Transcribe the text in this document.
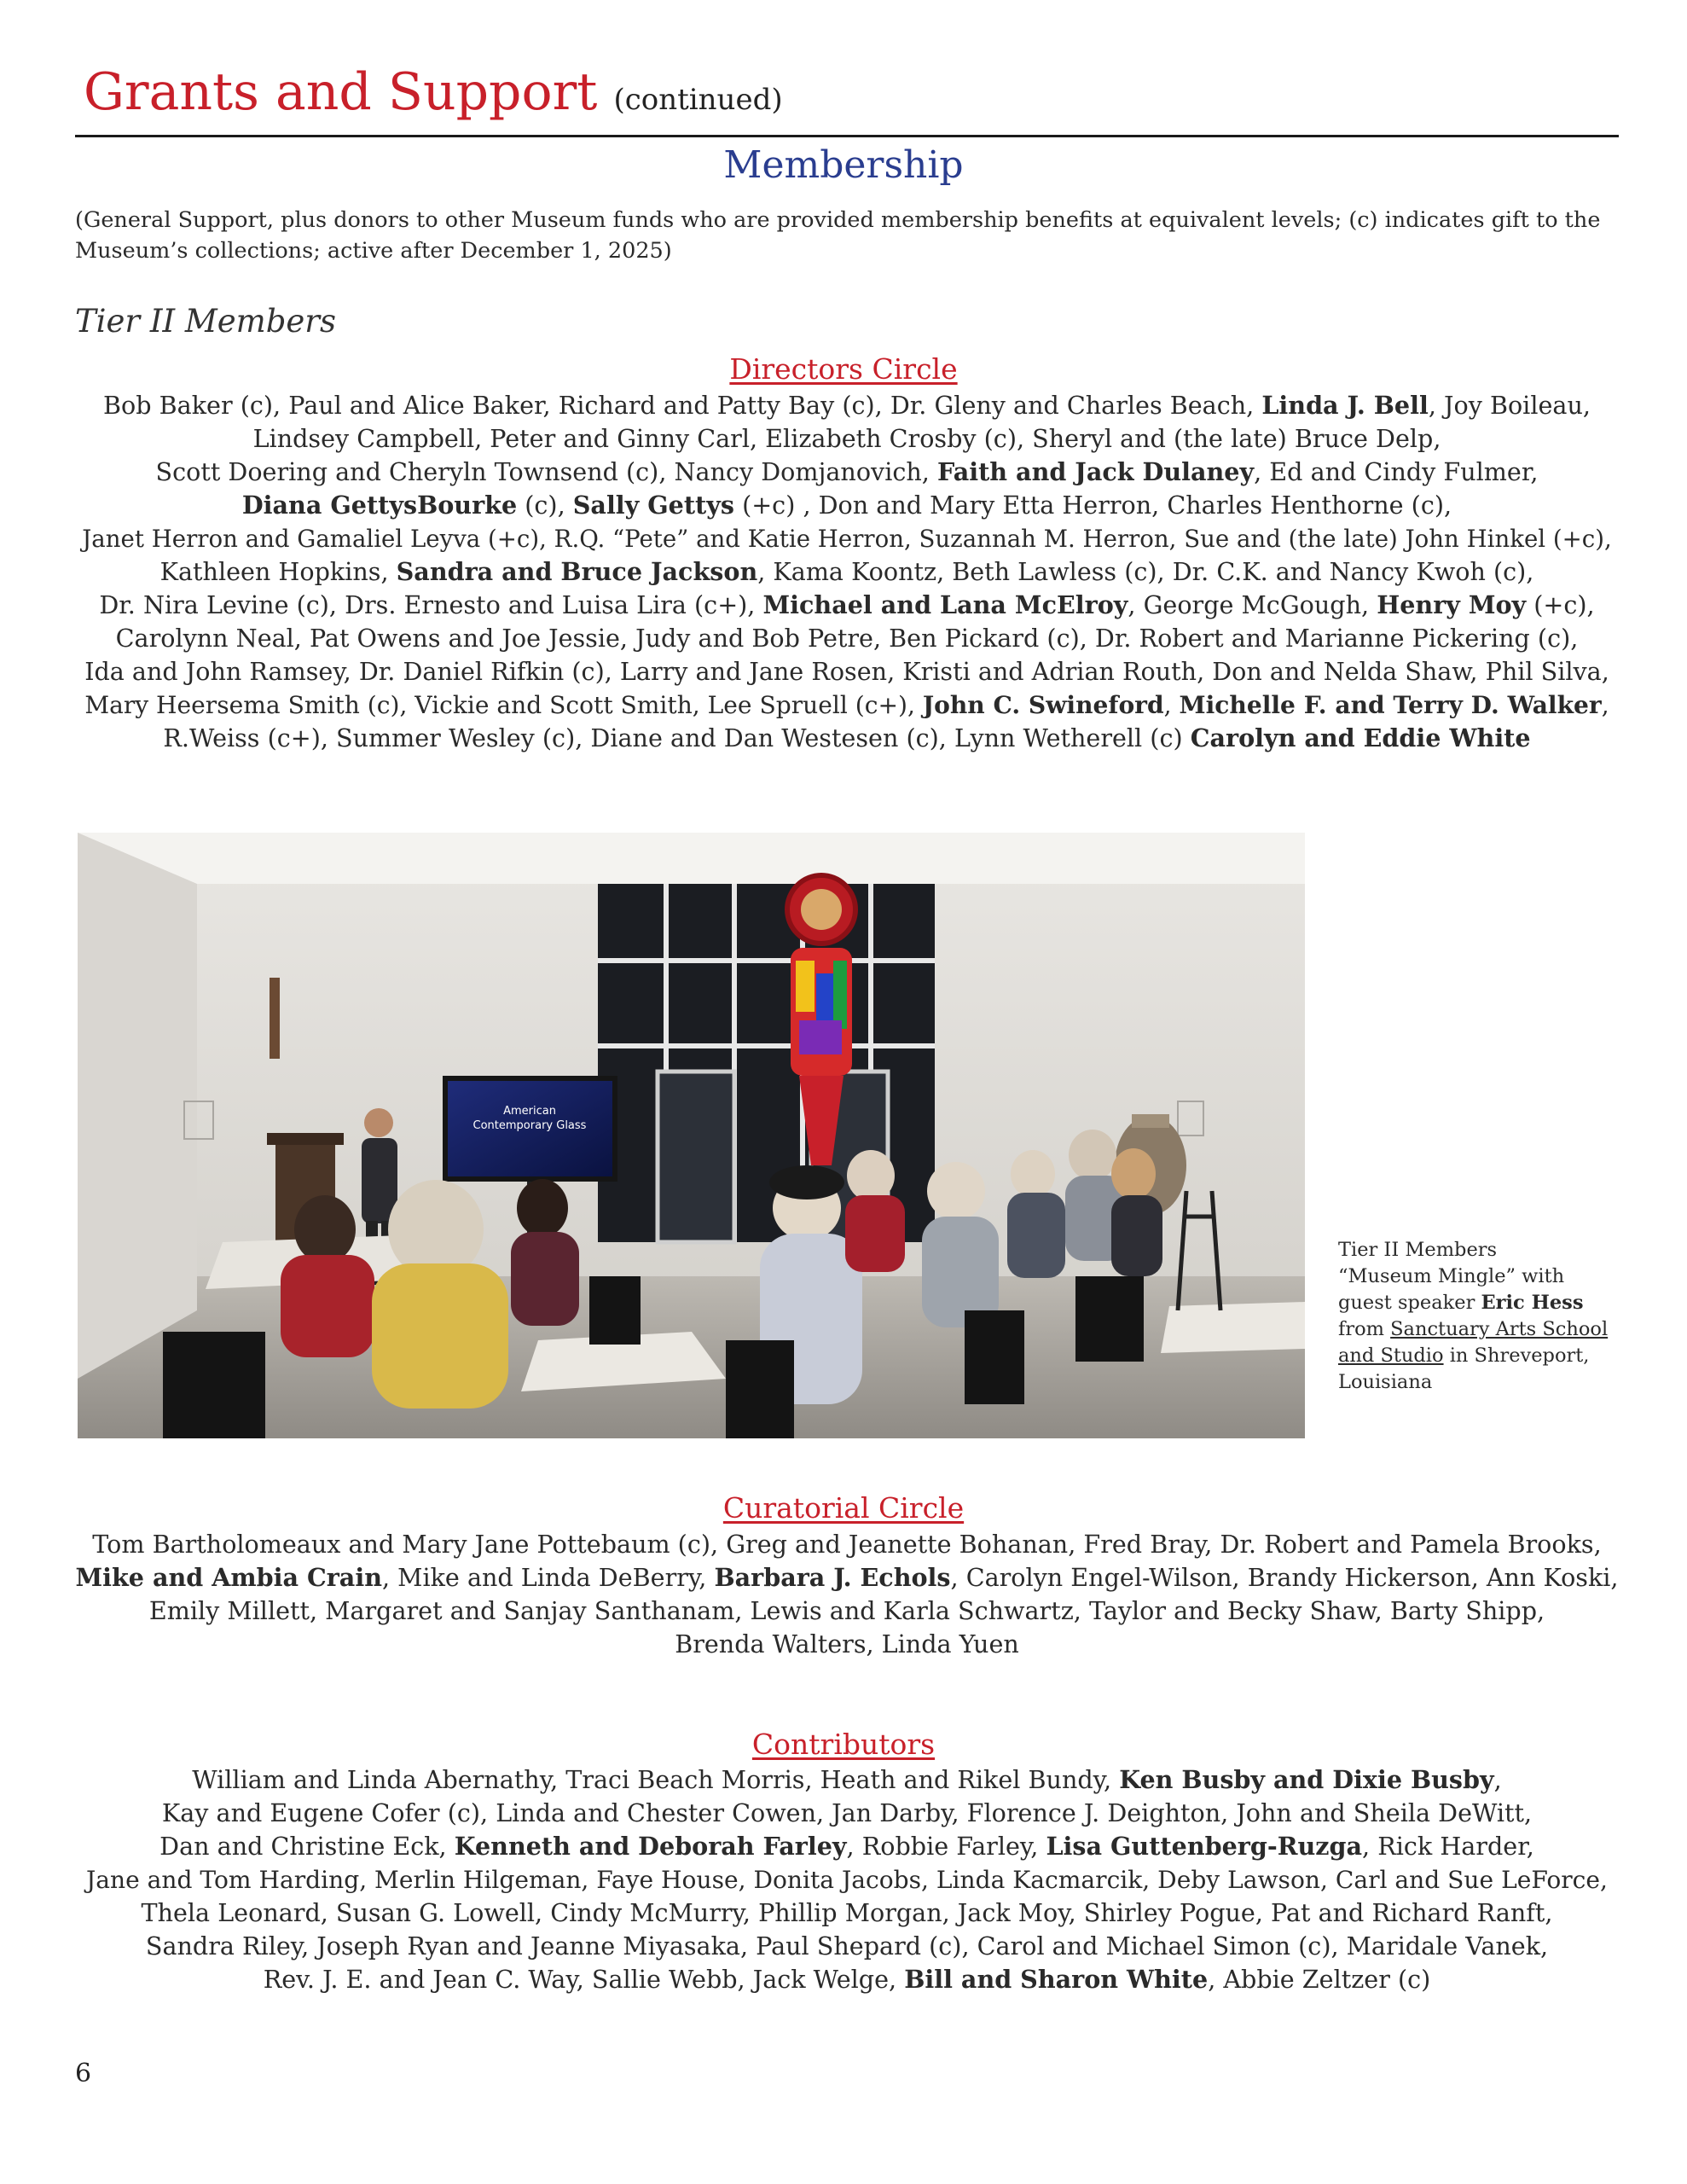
Grants and Support (continued)
Membership
(General Support, plus donors to other Museum funds who are provided membership benefits at equivalent levels; (c) indicates gift to the Museum’s collections; active after December 1, 2025)
Tier II Members
Directors Circle
Bob Baker (c), Paul and Alice Baker, Richard and Patty Bay (c), Dr. Gleny and Charles Beach, Linda J. Bell, Joy Boileau,
Lindsey Campbell, Peter and Ginny Carl, Elizabeth Crosby (c), Sheryl and (the late) Bruce Delp,
Scott Doering and Cheryln Townsend (c), Nancy Domjanovich, Faith and Jack Dulaney, Ed and Cindy Fulmer,
Diana GettysBourke (c), Sally Gettys (+c) , Don and Mary Etta Herron, Charles Henthorne (c),
Janet Herron and Gamaliel Leyva (+c), R.Q. “Pete” and Katie Herron, Suzannah M. Herron, Sue and (the late) John Hinkel (+c),
Kathleen Hopkins, Sandra and Bruce Jackson, Kama Koontz, Beth Lawless (c), Dr. C.K. and Nancy Kwoh (c),
Dr. Nira Levine (c), Drs. Ernesto and Luisa Lira (c+), Michael and Lana McElroy, George McGough, Henry Moy (+c),
Carolynn Neal, Pat Owens and Joe Jessie, Judy and Bob Petre, Ben Pickard (c), Dr. Robert and Marianne Pickering (c),
Ida and John Ramsey, Dr. Daniel Rifkin (c), Larry and Jane Rosen, Kristi and Adrian Routh, Don and Nelda Shaw, Phil Silva,
Mary Heersema Smith (c), Vickie and Scott Smith, Lee Spruell (c+), John C. Swineford, Michelle F. and Terry D. Walker,
R.Weiss (c+), Summer Wesley (c), Diane and Dan Westesen (c), Lynn Wetherell (c) Carolyn and Eddie White
American
Contemporary Glass
Tier II Members
“Museum Mingle” with
guest speaker Eric Hess
from Sanctuary Arts School
and Studio in Shreveport,
Louisiana
Curatorial Circle
Tom Bartholomeaux and Mary Jane Pottebaum (c), Greg and Jeanette Bohanan, Fred Bray, Dr. Robert and Pamela Brooks,
Mike and Ambia Crain, Mike and Linda DeBerry, Barbara J. Echols, Carolyn Engel-Wilson, Brandy Hickerson, Ann Koski,
Emily Millett, Margaret and Sanjay Santhanam, Lewis and Karla Schwartz, Taylor and Becky Shaw, Barty Shipp,
Brenda Walters, Linda Yuen
Contributors
William and Linda Abernathy, Traci Beach Morris, Heath and Rikel Bundy, Ken Busby and Dixie Busby,
Kay and Eugene Cofer (c), Linda and Chester Cowen, Jan Darby, Florence J. Deighton, John and Sheila DeWitt,
Dan and Christine Eck, Kenneth and Deborah Farley, Robbie Farley, Lisa Guttenberg-Ruzga, Rick Harder,
Jane and Tom Harding, Merlin Hilgeman, Faye House, Donita Jacobs, Linda Kacmarcik, Deby Lawson, Carl and Sue LeForce,
Thela Leonard, Susan G. Lowell, Cindy McMurry, Phillip Morgan, Jack Moy, Shirley Pogue, Pat and Richard Ranft,
Sandra Riley, Joseph Ryan and Jeanne Miyasaka, Paul Shepard (c), Carol and Michael Simon (c), Maridale Vanek,
Rev. J. E. and Jean C. Way, Sallie Webb, Jack Welge, Bill and Sharon White, Abbie Zeltzer (c)
6
